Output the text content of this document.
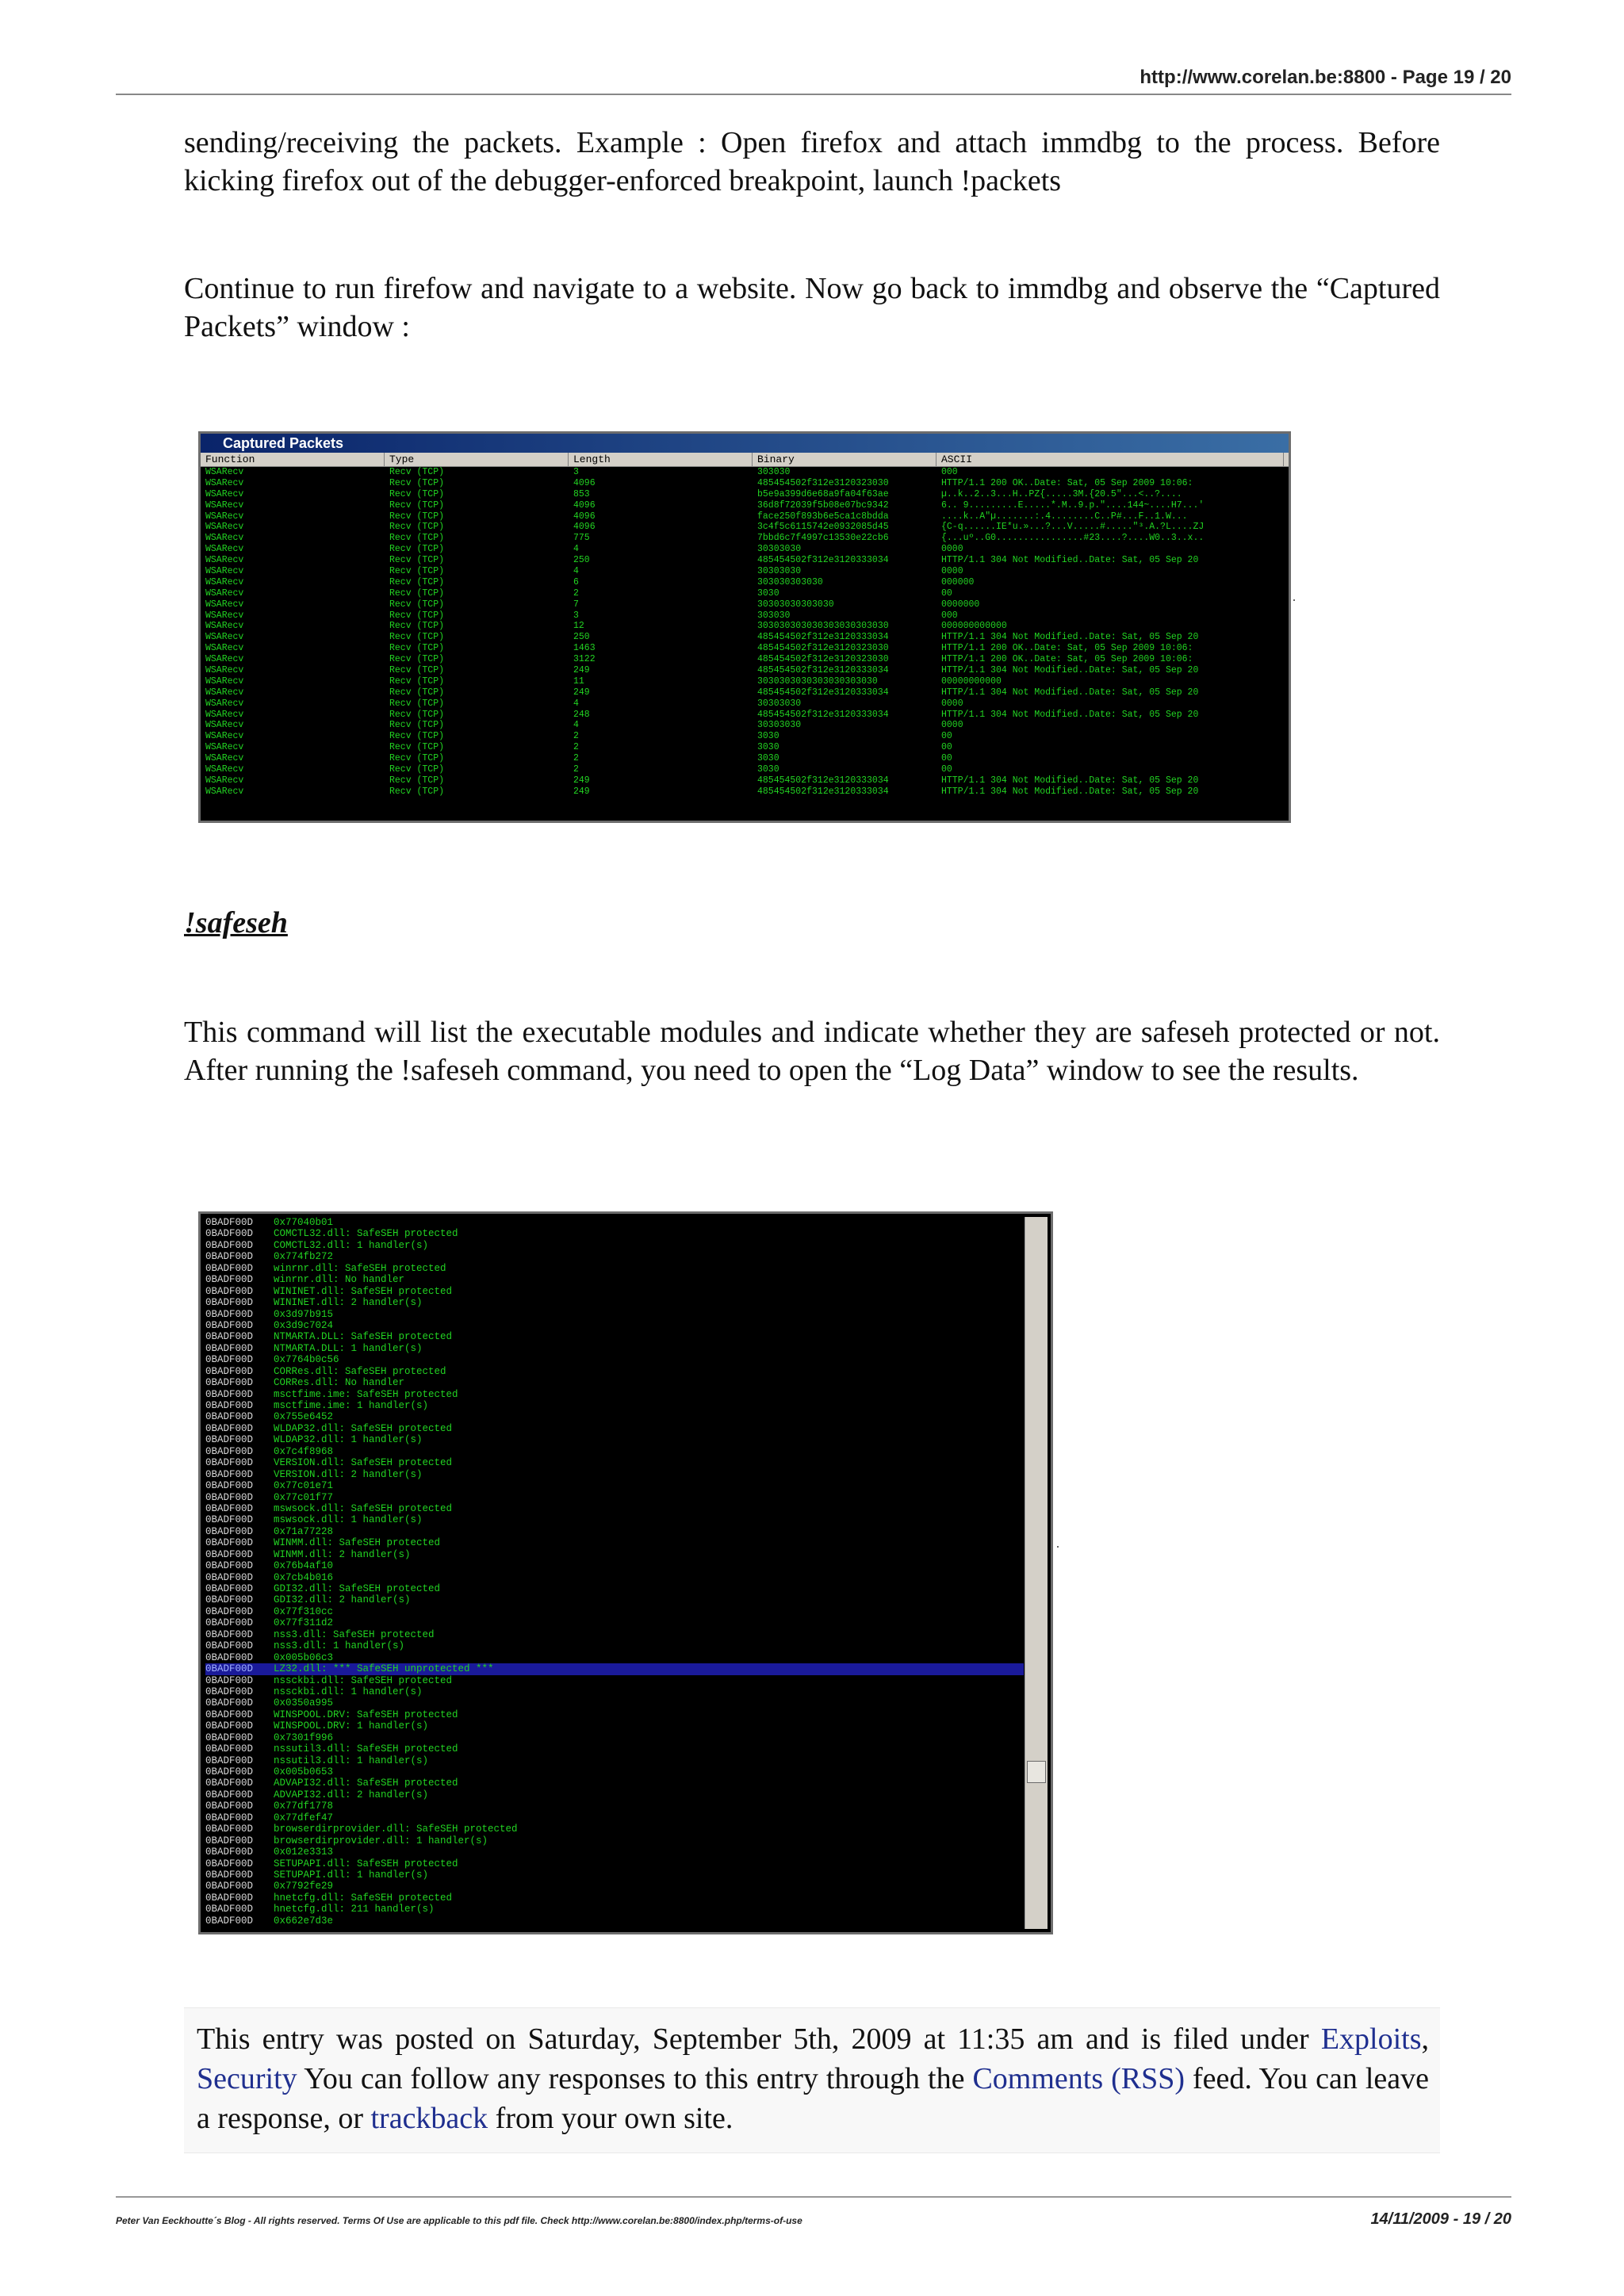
http://www.corelan.be:8800 - Page 19 / 20

sending/receiving the packets. Example : Open firefox and attach immdbg to the process. Before kicking firefox out of the debugger-enforced breakpoint, launch !packets

Continue to run firefow and navigate to a website. Now go back to immdbg and observe the “Captured Packets” window :

Captured Packets
Function	Type	Length	Binary	ASCII
WSARecv	Recv (TCP)	3	303030	000
WSARecv	Recv (TCP)	4096	485454502f312e3120323030	HTTP/1.1 200 OK..Date: Sat, 05 Sep 2009 10:06:
WSARecv	Recv (TCP)	853	b5e9a399d6e68a9fa04f63ae	µ..k..2..3...H..PZ{.....3M.{20.5"...<..?....
WSARecv	Recv (TCP)	4096	36d8f72039f5b08e07bc9342	6.. 9.........E.....*.M..9.p."....144~....H7...'
WSARecv	Recv (TCP)	4096	face250f893b6e5ca1c8bdda	....k..A"µ.......:.4........C..P#...F..1.W...
WSARecv	Recv (TCP)	4096	3c4f5c6115742e0932085d45	{C-q......IE*u.»...?...V.....#....."³.A.?L....ZJ
WSARecv	Recv (TCP)	775	7bbd6c7f4997c13530e22cb6	{...uº..G0................#23....?....W0..3..x..
WSARecv	Recv (TCP)	4	30303030	0000
WSARecv	Recv (TCP)	250	485454502f312e3120333034	HTTP/1.1 304 Not Modified..Date: Sat, 05 Sep 20
WSARecv	Recv (TCP)	4	30303030	0000
WSARecv	Recv (TCP)	6	303030303030	000000
WSARecv	Recv (TCP)	2	3030	00
WSARecv	Recv (TCP)	7	30303030303030	0000000
WSARecv	Recv (TCP)	3	303030	000
WSARecv	Recv (TCP)	12	303030303030303030303030	000000000000
WSARecv	Recv (TCP)	250	485454502f312e3120333034	HTTP/1.1 304 Not Modified..Date: Sat, 05 Sep 20
WSARecv	Recv (TCP)	1463	485454502f312e3120323030	HTTP/1.1 200 OK..Date: Sat, 05 Sep 2009 10:06:
WSARecv	Recv (TCP)	3122	485454502f312e3120323030	HTTP/1.1 200 OK..Date: Sat, 05 Sep 2009 10:06:
WSARecv	Recv (TCP)	249	485454502f312e3120333034	HTTP/1.1 304 Not Modified..Date: Sat, 05 Sep 20
WSARecv	Recv (TCP)	11	3030303030303030303030	00000000000
WSARecv	Recv (TCP)	249	485454502f312e3120333034	HTTP/1.1 304 Not Modified..Date: Sat, 05 Sep 20
WSARecv	Recv (TCP)	4	30303030	0000
WSARecv	Recv (TCP)	248	485454502f312e3120333034	HTTP/1.1 304 Not Modified..Date: Sat, 05 Sep 20
WSARecv	Recv (TCP)	4	30303030	0000
WSARecv	Recv (TCP)	2	3030	00
WSARecv	Recv (TCP)	2	3030	00
WSARecv	Recv (TCP)	2	3030	00
WSARecv	Recv (TCP)	2	3030	00
WSARecv	Recv (TCP)	249	485454502f312e3120333034	HTTP/1.1 304 Not Modified..Date: Sat, 05 Sep 20
WSARecv	Recv (TCP)	249	485454502f312e3120333034	HTTP/1.1 304 Not Modified..Date: Sat, 05 Sep 20
!safeseh

This command will list the executable modules and indicate whether they are safeseh protected or not. After running the !safeseh command, you need to open the “Log Data” window to see the results.

0BADF00D 0x77040b01
0BADF00D COMCTL32.dll: SafeSEH protected
0BADF00D COMCTL32.dll: 1 handler(s)
0BADF00D 0x774fb272
0BADF00D winrnr.dll: SafeSEH protected
0BADF00D winrnr.dll: No handler
0BADF00D WININET.dll: SafeSEH protected
0BADF00D WININET.dll: 2 handler(s)
0BADF00D 0x3d97b915
0BADF00D 0x3d9c7024
0BADF00D NTMARTA.DLL: SafeSEH protected
0BADF00D NTMARTA.DLL: 1 handler(s)
0BADF00D 0x7764b0c56
0BADF00D CORRes.dll: SafeSEH protected
0BADF00D CORRes.dll: No handler
0BADF00D msctfime.ime: SafeSEH protected
0BADF00D msctfime.ime: 1 handler(s)
0BADF00D 0x755e6452
0BADF00D WLDAP32.dll: SafeSEH protected
0BADF00D WLDAP32.dll: 1 handler(s)
0BADF00D 0x7c4f8968
0BADF00D VERSION.dll: SafeSEH protected
0BADF00D VERSION.dll: 2 handler(s)
0BADF00D 0x77c01e71
0BADF00D 0x77c01f77
0BADF00D mswsock.dll: SafeSEH protected
0BADF00D mswsock.dll: 1 handler(s)
0BADF00D 0x71a77228
0BADF00D WINMM.dll: SafeSEH protected
0BADF00D WINMM.dll: 2 handler(s)
0BADF00D 0x76b4af10
0BADF00D 0x7cb4b016
0BADF00D GDI32.dll: SafeSEH protected
0BADF00D GDI32.dll: 2 handler(s)
0BADF00D 0x77f310cc
0BADF00D 0x77f311d2
0BADF00D nss3.dll: SafeSEH protected
0BADF00D nss3.dll: 1 handler(s)
0BADF00D 0x005b06c3
0BADF00D LZ32.dll: *** SafeSEH unprotected ***
0BADF00D nssckbi.dll: SafeSEH protected
0BADF00D nssckbi.dll: 1 handler(s)
0BADF00D 0x0350a995
0BADF00D WINSPOOL.DRV: SafeSEH protected
0BADF00D WINSPOOL.DRV: 1 handler(s)
0BADF00D 0x7301f996
0BADF00D nssutil3.dll: SafeSEH protected
0BADF00D nssutil3.dll: 1 handler(s)
0BADF00D 0x005b0653
0BADF00D ADVAPI32.dll: SafeSEH protected
0BADF00D ADVAPI32.dll: 2 handler(s)
0BADF00D 0x77df1778
0BADF00D 0x77dfef47
0BADF00D browserdirprovider.dll: SafeSEH protected
0BADF00D browserdirprovider.dll: 1 handler(s)
0BADF00D 0x012e3313
0BADF00D SETUPAPI.dll: SafeSEH protected
0BADF00D SETUPAPI.dll: 1 handler(s)
0BADF00D 0x7792fe29
0BADF00D hnetcfg.dll: SafeSEH protected
0BADF00D hnetcfg.dll: 211 handler(s)
0BADF00D 0x662e7d3e

This entry was posted on Saturday, September 5th, 2009 at 11:35 am and is filed under Exploits, Security You can follow any responses to this entry through the Comments (RSS) feed. You can leave a response, or trackback from your own site.

Peter Van Eeckhoutte´s Blog - All rights reserved. Terms Of Use are applicable to this pdf file. Check http://www.corelan.be:8800/index.php/terms-of-use	14/11/2009 - 19 / 20
